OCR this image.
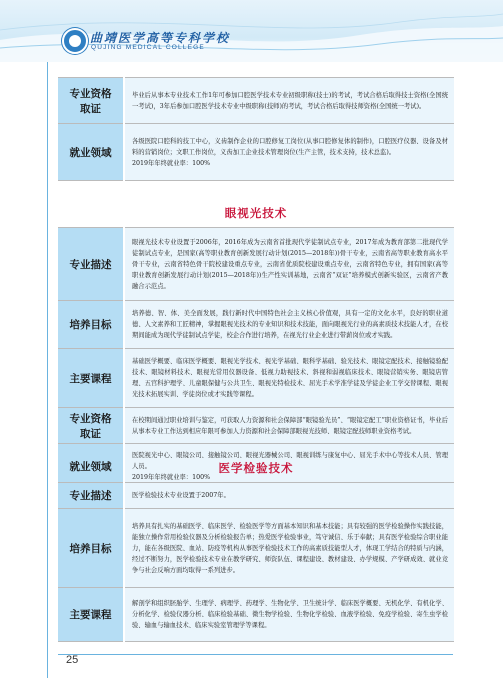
曲靖医学高等专科学校
QUJING MEDICAL COLLEGE
专业资格
取证	毕业后从事本专业技术工作1年可参加口腔医学技术专业初级职称(技士)的考试，考试合格后取得技士资格(全国统一考试)，3年后参加口腔医学技术专业中级职称(技师)的考试，考试合格后取得技师资格(全国统一考试)。

就业领域	各级医院口腔科的技工中心，义齿制作企业的口腔修复工岗位(从事口腔修复体的制作)，口腔医疗仪器、设备及材料的营销岗位；文职工作岗位，义齿加工企业技术管理岗位(生产主管，技术支持，技术总监)。

2019年年终就业率：100%

眼视光技术
专业描述	眼视光技术专业设置于2006年，2016年成为云南省首批现代学徒制试点专业，2017年成为教育部第二批现代学徒制试点专业，是国家(高等职业教育创新发展行动计划(2015—2018年))骨干专业，云南省高等职业教育高水平骨干专业，云南省特色骨干院校建设重点专业，云南省优质院校建设重点专业，云南省特色专业，拥有国家(高等职业教育创新发展行动计划(2015—2018年))生产性实训基地，云南省“双证”培养模式创新实验区，云南省产教融合示范点。

培养目标	培养德、智、体、美全面发展，践行新时代中国特色社会主义核心价值观，具有一定的文化水平，良好的职业道德、人文素养和工匠精神，掌握眼视光技术的专业知识和技术技能，面向眼视光行业的高素质技术技能人才，在校期间能成为现代学徒制试点学徒，校企合作进行培养，在视光行业企业进行带薪岗位或才实践。

主要课程	基础医学概要、临床医学概要、眼视光学技术、视光学基础、眼科学基础、验光技术、眼镜定配技术、接触镜验配技术、眼镜材料技术、眼视光常用仪器设备、低视力助视技术、斜视和弱视临床技术、眼镜营销实务、眼镜店管理、五官科护理学、儿童眼保健与公共卫生、眼视光特检技术、屈光手术学准学徒及学徒企业工学交替课程、眼视光技术拓展实训、学徒岗位或才实践等课程。

专业资格
取证	在校期间通过职业培训与鉴定，可获取人力资源和社会保障部“眼镜验光员”、“眼镜定配工”职业资格证书，毕业后从事本专业工作达到相应年限可参加人力资源和社会保障部眼视光技师、眼镜定配技师职业资格考试。

就业领域	医院视光中心、眼镜公司、接触镜公司、眼视光器械公司、眼视训练与康复中心、屈光手术中心等技术人员、管理人员。

2019年年终就业率：100%

医学检验技术
专业描述	医学检验技术专业设置于2007年。

培养目标	培养具有扎实的基础医学、临床医学、检验医学等方面基本知识和基本技能；具有较强的医学检验操作实践技能，能独立操作常用检验仪器及分析检验报告单；热爱医学检验事业，笃守诚信、乐于奉献；具有医学检验综合职业能力，能在各级医院、血站、防疫等机构从事医学检验技术工作的高素质技能型人才，体现工学结合的特质与内涵，经过不断努力，医学检验技术专业在教学研究、师资队伍、课程建设、教材建设、办学规模、产学研成效、就业竞争与社会反响方面均取得一系列进步。

主要课程	解剖学和组织胚胎学、生理学、病理学、药理学、生物化学、卫生统计学、临床医学概要、无机化学、有机化学、分析化学、检验仪器分析、临床检验基础、微生物学检验、生物化学检验、血液学检验、免疫学检验、寄生虫学检验、输血与输血技术、临床实验室管理学等课程。

25
